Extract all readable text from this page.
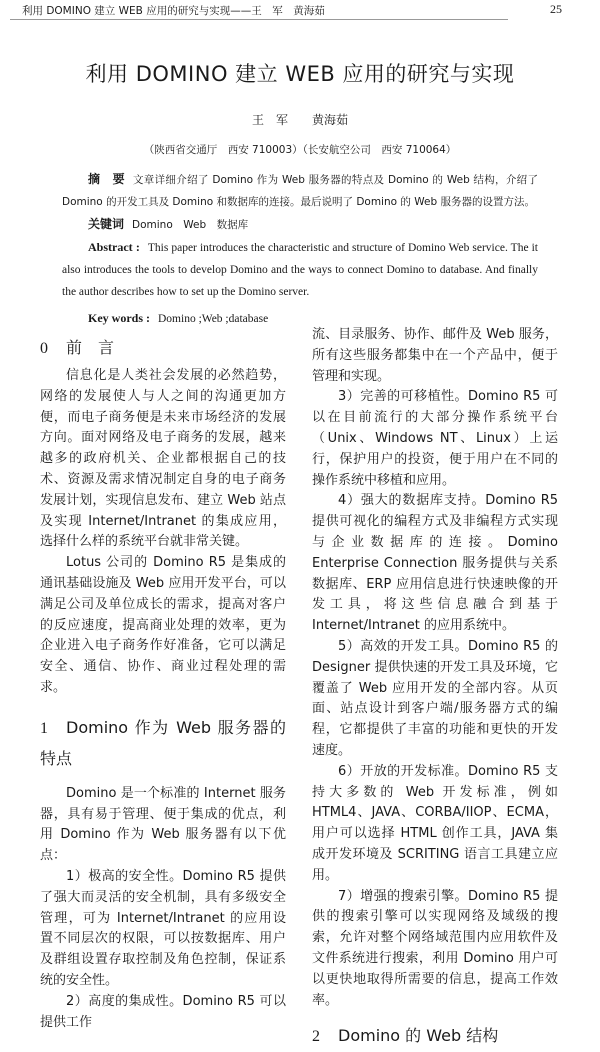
利用 DOMINO 建立 WEB 应用的研究与实现——王　军　黄海茹	25
利用 DOMINO 建立 WEB 应用的研究与实现
王　军　　黄海茹
（陕西省交通厅　西安 710003）（长安航空公司　西安 710064）

摘　要 文章详细介绍了 Domino 作为 Web 服务器的特点及 Domino 的 Web 结构，介绍了 Domino 的开发工具及 Domino 和数据库的连接。最后说明了 Domino 的 Web 服务器的设置方法。

关键词 Domino　Web　数据库

Abstract : This paper introduces the characteristic and structure of Domino Web service. The it also introduces the tools to develop Domino and the ways to connect Domino to database. And finally the author describes how to set up the Domino server.

Key words : Domino ;Web ;database

0 前　言

信息化是人类社会发展的必然趋势，网络的发展使人与人之间的沟通更加方便，而电子商务便是未来市场经济的发展方向。面对网络及电子商务的发展，越来越多的政府机关、企业都根据自己的技术、资源及需求情况制定自身的电子商务发展计划，实现信息发布、建立 Web 站点及实现 Internet/Intranet 的集成应用，选择什么样的系统平台就非常关键。

Lotus 公司的 Domino R5 是集成的通讯基础设施及 Web 应用开发平台，可以满足公司及单位成长的需求，提高对客户的反应速度，提高商业处理的效率，更为企业进入电子商务作好准备，它可以满足安全、通信、协作、商业过程处理的需求。

1 Domino 作为 Web 服务器的特点

Domino 是一个标准的 Internet 服务器，具有易于管理、便于集成的优点，利用 Domino 作为 Web 服务器有以下优点：

1）极高的安全性。Domino R5 提供了强大而灵活的安全机制，具有多级安全管理，可为 Internet/Intranet 的应用设置不同层次的权限，可以按数据库、用户及群组设置存取控制及角色控制，保证系统的安全性。

2）高度的集成性。Domino R5 可以提供工作

流、目录服务、协作、邮件及 Web 服务，所有这些服务都集中在一个产品中，便于管理和实现。

3）完善的可移植性。Domino R5 可以在目前流行的大部分操作系统平台（Unix、Windows NT、Linux）上运行，保护用户的投资，便于用户在不同的操作系统中移植和应用。

4）强大的数据库支持。Domino R5 提供可视化的编程方式及非编程方式实现与企业数据库的连接。Domino Enterprise Connection 服务提供与关系数据库、ERP 应用信息进行快速映像的开发工具，将这些信息融合到基于 Internet/Intranet 的应用系统中。

5）高效的开发工具。Domino R5 的 Designer 提供快速的开发工具及环境，它覆盖了 Web 应用开发的全部内容。从页面、站点设计到客户端/服务器方式的编程，它都提供了丰富的功能和更快的开发速度。

6）开放的开发标准。Domino R5 支持大多数的 Web 开发标准，例如 HTML4、JAVA、CORBA/IIOP、ECMA，用户可以选择 HTML 创作工具，JAVA 集成开发环境及 SCRITING 语言工具建立应用。

7）增强的搜索引擎。Domino R5 提供的搜索引擎可以实现网络及域级的搜索，允许对整个网络域范围内应用软件及文件系统进行搜索，利用 Domino 用户可以更快地取得所需要的信息，提高工作效率。

2 Domino 的 Web 结构
